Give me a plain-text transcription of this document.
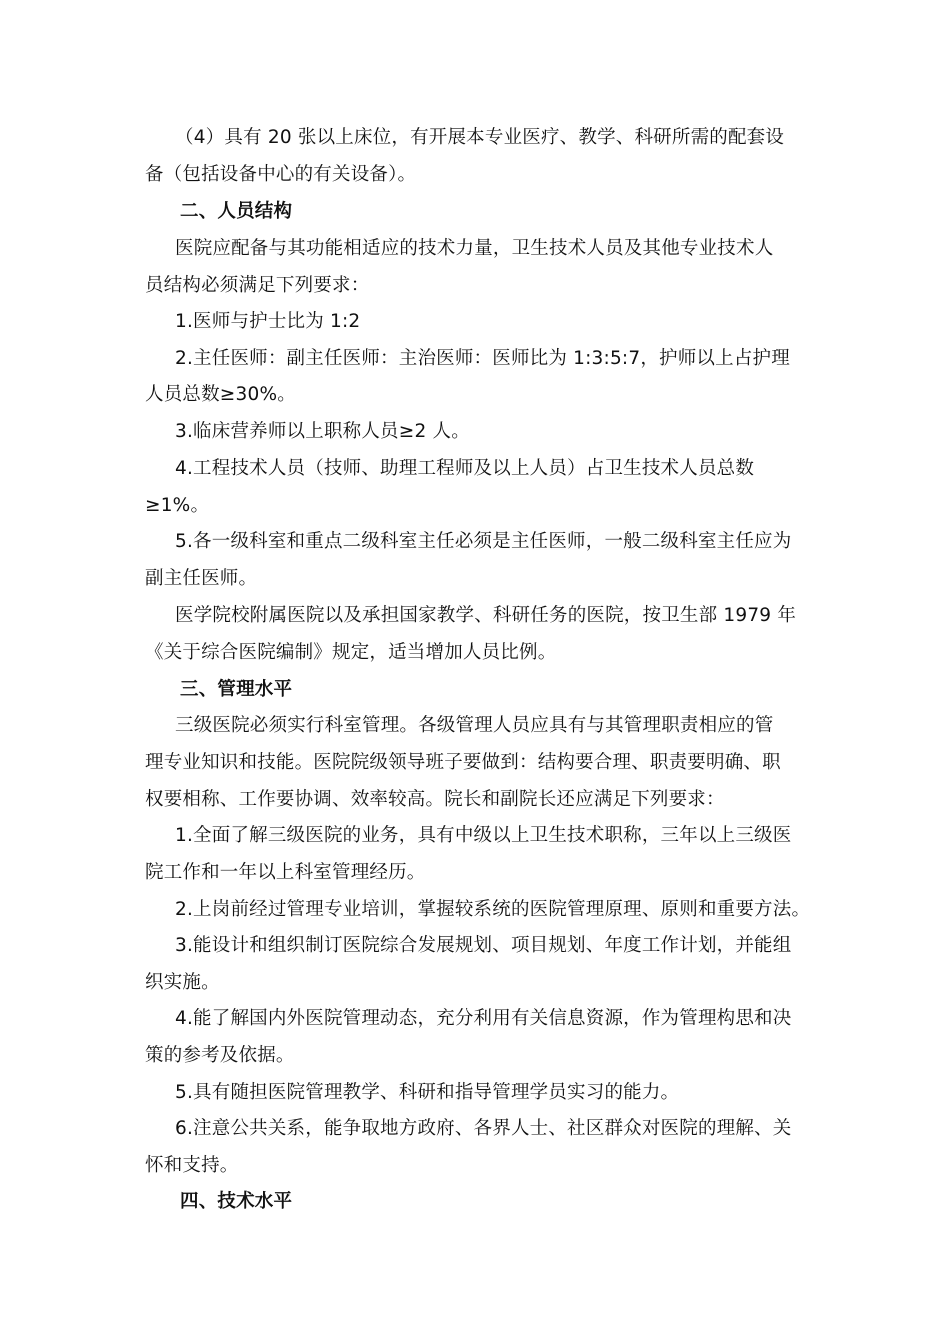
（4）具有 20 张以上床位，有开展本专业医疗、教学、科研所需的配套设
备（包括设备中心的有关设备）。
二、人员结构
医院应配备与其功能相适应的技术力量，卫生技术人员及其他专业技术人
员结构必须满足下列要求：
1.医师与护士比为 1:2
2.主任医师：副主任医师：主治医师：医师比为 1:3:5:7，护师以上占护理
人员总数≥30%。
3.临床营养师以上职称人员≥2 人。
4.工程技术人员（技师、助理工程师及以上人员）占卫生技术人员总数
≥1%。
5.各一级科室和重点二级科室主任必须是主任医师，一般二级科室主任应为
副主任医师。
医学院校附属医院以及承担国家教学、科研任务的医院，按卫生部 1979 年
《关于综合医院编制》规定，适当增加人员比例。
三、管理水平
三级医院必须实行科室管理。各级管理人员应具有与其管理职责相应的管
理专业知识和技能。医院院级领导班子要做到：结构要合理、职责要明确、职
权要相称、工作要协调、效率较高。院长和副院长还应满足下列要求：
1.全面了解三级医院的业务，具有中级以上卫生技术职称，三年以上三级医
院工作和一年以上科室管理经历。
2.上岗前经过管理专业培训，掌握较系统的医院管理原理、原则和重要方法。
3.能设计和组织制订医院综合发展规划、项目规划、年度工作计划，并能组
织实施。
4.能了解国内外医院管理动态，充分利用有关信息资源，作为管理构思和决
策的参考及依据。
5.具有随担医院管理教学、科研和指导管理学员实习的能力。
6.注意公共关系，能争取地方政府、各界人士、社区群众对医院的理解、关
怀和支持。
四、技术水平
